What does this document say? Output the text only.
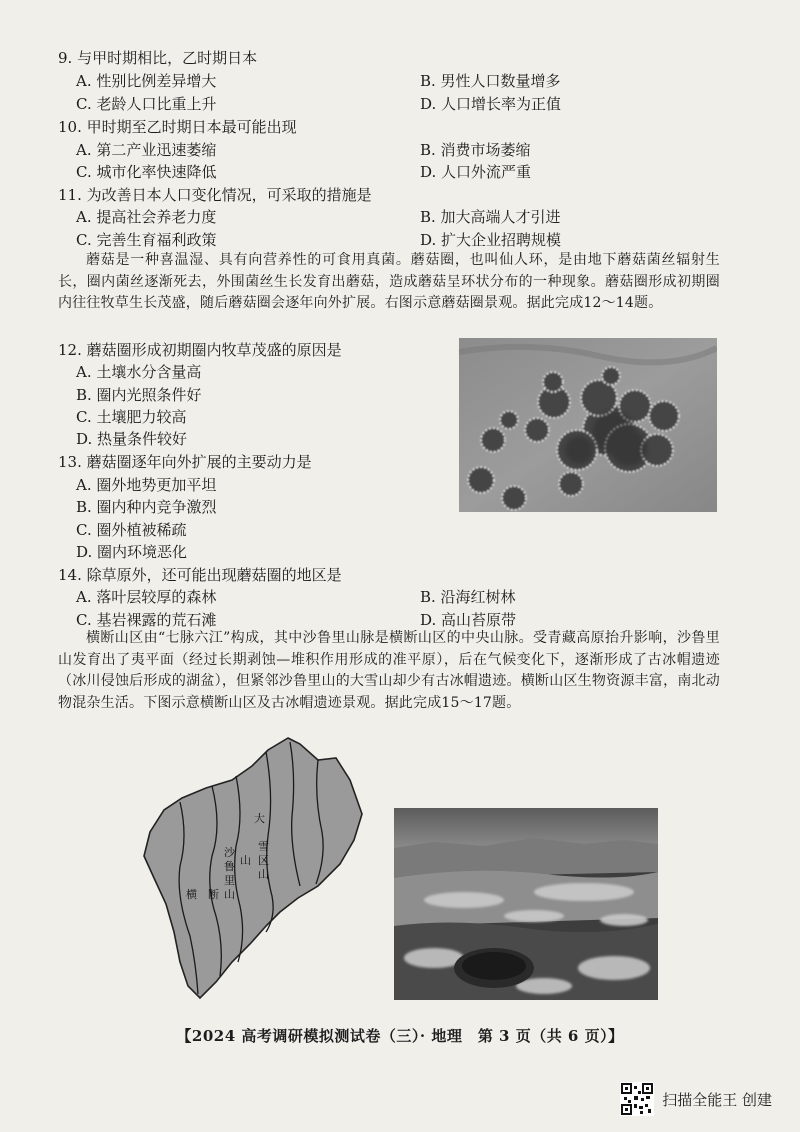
9. 与甲时期相比，乙时期日本
A. 性别比例差异增大	B. 男性人口数量增多
C. 老龄人口比重上升	D. 人口增长率为正值
10. 甲时期至乙时期日本最可能出现
A. 第二产业迅速萎缩	B. 消费市场萎缩
C. 城市化率快速降低	D. 人口外流严重
11. 为改善日本人口变化情况，可采取的措施是
A. 提高社会养老力度	B. 加大高端人才引进
C. 完善生育福利政策	D. 扩大企业招聘规模
蘑菇是一种喜温湿、具有向营养性的可食用真菌。蘑菇圈，也叫仙人环，是由地下蘑菇菌丝辐射生长，圈内菌丝逐渐死去，外围菌丝生长发育出蘑菇，造成蘑菇呈环状分布的一种现象。蘑菇圈形成初期圈内往往牧草生长茂盛，随后蘑菇圈会逐年向外扩展。右图示意蘑菇圈景观。据此完成12～14题。
12. 蘑菇圈形成初期圈内牧草茂盛的原因是
A. 土壤水分含量高
B. 圈内光照条件好
C. 土壤肥力较高
D. 热量条件较好
13. 蘑菇圈逐年向外扩展的主要动力是
A. 圈外地势更加平坦
B. 圈内种内竞争激烈
C. 圈外植被稀疏
D. 圈内环境恶化
14. 除草原外，还可能出现蘑菇圈的地区是
A. 落叶层较厚的森林	B. 沿海红树林
C. 基岩裸露的荒石滩	D. 高山苔原带
横断山区由“七脉六江”构成，其中沙鲁里山脉是横断山区的中央山脉。受青藏高原抬升影响，沙鲁里山发育出了夷平面（经过长期剥蚀—堆积作用形成的准平原），后在气候变化下，逐渐形成了古冰帽遗迹（冰川侵蚀后形成的湖盆），但紧邻沙鲁里山的大雪山却少有古冰帽遗迹。横断山区生物资源丰富，南北动物混杂生活。下图示意横断山区及古冰帽遗迹景观。据此完成15～17题。
横 断
沙
鲁
里
山
山
大
雪
区
山
【2024 高考调研模拟测试卷（三）· 地理　第 3 页（共 6 页）】
扫描全能王 创建
